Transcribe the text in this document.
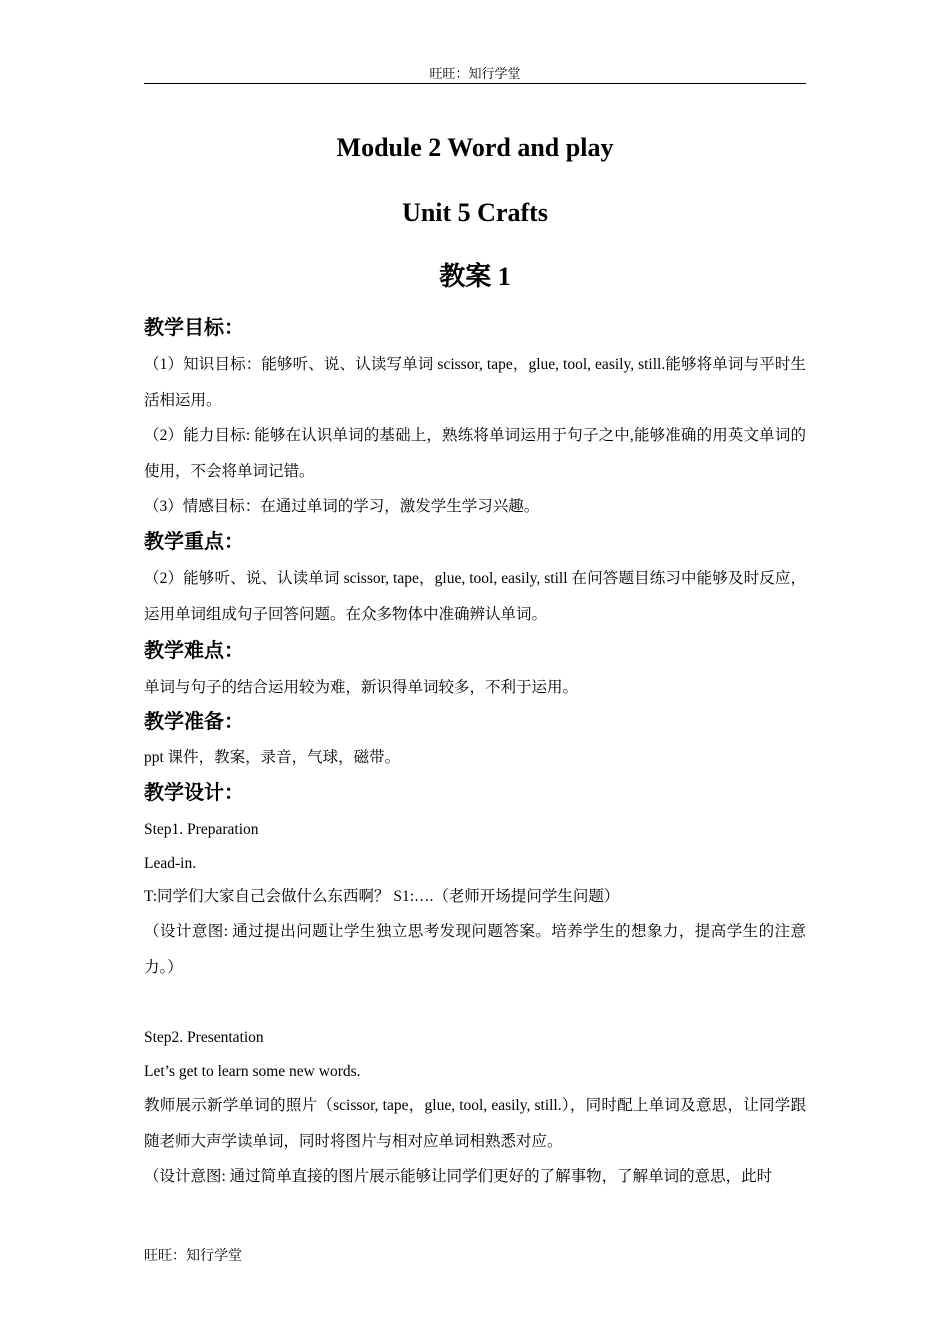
旺旺：知行学堂
Module 2 Word and play
Unit 5 Crafts
教案 1
教学目标：
（1）知识目标：能够听、说、认读写单词 scissor, tape，glue, tool, easily, still.能够将单词与平时生活相运用。
（2）能力目标: 能够在认识单词的基础上，熟练将单词运用于句子之中,能够准确的用英文单词的使用，不会将单词记错。
（3）情感目标：在通过单词的学习，激发学生学习兴趣。
教学重点：
（2）能够听、说、认读单词 scissor, tape，glue, tool, easily, still 在问答题目练习中能够及时反应，运用单词组成句子回答问题。在众多物体中准确辨认单词。
教学难点：
单词与句子的结合运用较为难，新识得单词较多，不利于运用。
教学准备：
ppt 课件，教案，录音，气球，磁带。
教学设计：
Step1. Preparation
Lead-in.
T:同学们大家自己会做什么东西啊？ S1:….（老师开场提问学生问题）
（设计意图: 通过提出问题让学生独立思考发现问题答案。培养学生的想象力，提高学生的注意力。）
Step2. Presentation
Let’s get to learn some new words.
教师展示新学单词的照片（scissor, tape，glue, tool, easily, still.），同时配上单词及意思，让同学跟随老师大声学读单词，同时将图片与相对应单词相熟悉对应。
（设计意图: 通过简单直接的图片展示能够让同学们更好的了解事物，了解单词的意思，此时
旺旺：知行学堂
